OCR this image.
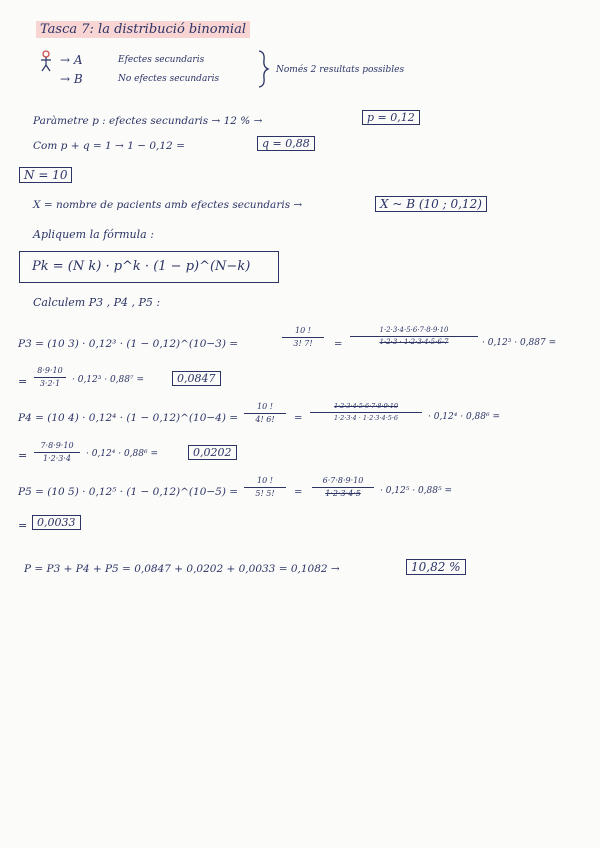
Tasca 7: la distribució binomial
→ A	Efectes secundaris
→ B	No efectes secundaris
Només 2 resultats possibles
Paràmetre p : efectes secundaris → 12 % →	p = 0,12
Com p + q = 1 → 1 − 0,12 =	q = 0,88
N = 10
X = nombre de pacients amb efectes secundaris →	X ~ B (10 ; 0,12)
Apliquem la fórmula :
Pk = (N k) · p^k · (1 − p)^(N−k)
Calculem P3 , P4 , P5 :
P3 = (10 3) · 0,12³ · (1 − 0,12)^(10−3) =	$\frac{10 !}{3! 7!} = \frac{1\cdot 2\cdot 3\cdot 4\cdot 5\cdot 6\cdot 7\cdot 8\cdot 9\cdot 10}{1\cdot 2\cdot 3 \cdot 1\cdot 2\cdot 3\cdot 4\cdot 5\cdot 6\cdot 7} \cdot 0,12^3 \cdot 0,887$ =
= $\frac{8\cdot 9\cdot 10}{3\cdot 2\cdot 1} \cdot 0,12^3 \cdot 0,88^7$ =	0,0847
P4 = (10 4) · 0,12⁴ · (1 − 0,12)^(10−4) = $\frac{10 !}{4! 6!} = \frac{1\cdot 2\cdot 3\cdot 4\cdot 5\cdot 6\cdot 7\cdot 8\cdot 9\cdot 10}{1\cdot 2\cdot 3\cdot 4 \cdot 1\cdot 2\cdot 3\cdot 4\cdot 5\cdot 6} \cdot 0,12^4 \cdot 0,88^6$ =
= $\frac{7\cdot 8\cdot 9\cdot 10}{1\cdot 2\cdot 3\cdot 4} \cdot 0,12^4 \cdot 0,88^6$ =	0,0202
P5 = (10 5) · 0,12⁵ · (1 − 0,12)^(10−5) = $\frac{10 !}{5! 5!} = \frac{6\cdot 7\cdot 8\cdot 9\cdot 10}{1\cdot 2\cdot 3\cdot 4\cdot 5} \cdot 0,12^5 \cdot 0,88^5$ =
= 0,0033
P = P3 + P4 + P5 = 0,0847 + 0,0202 + 0,0033 = 0,1082 →	10,82 %
